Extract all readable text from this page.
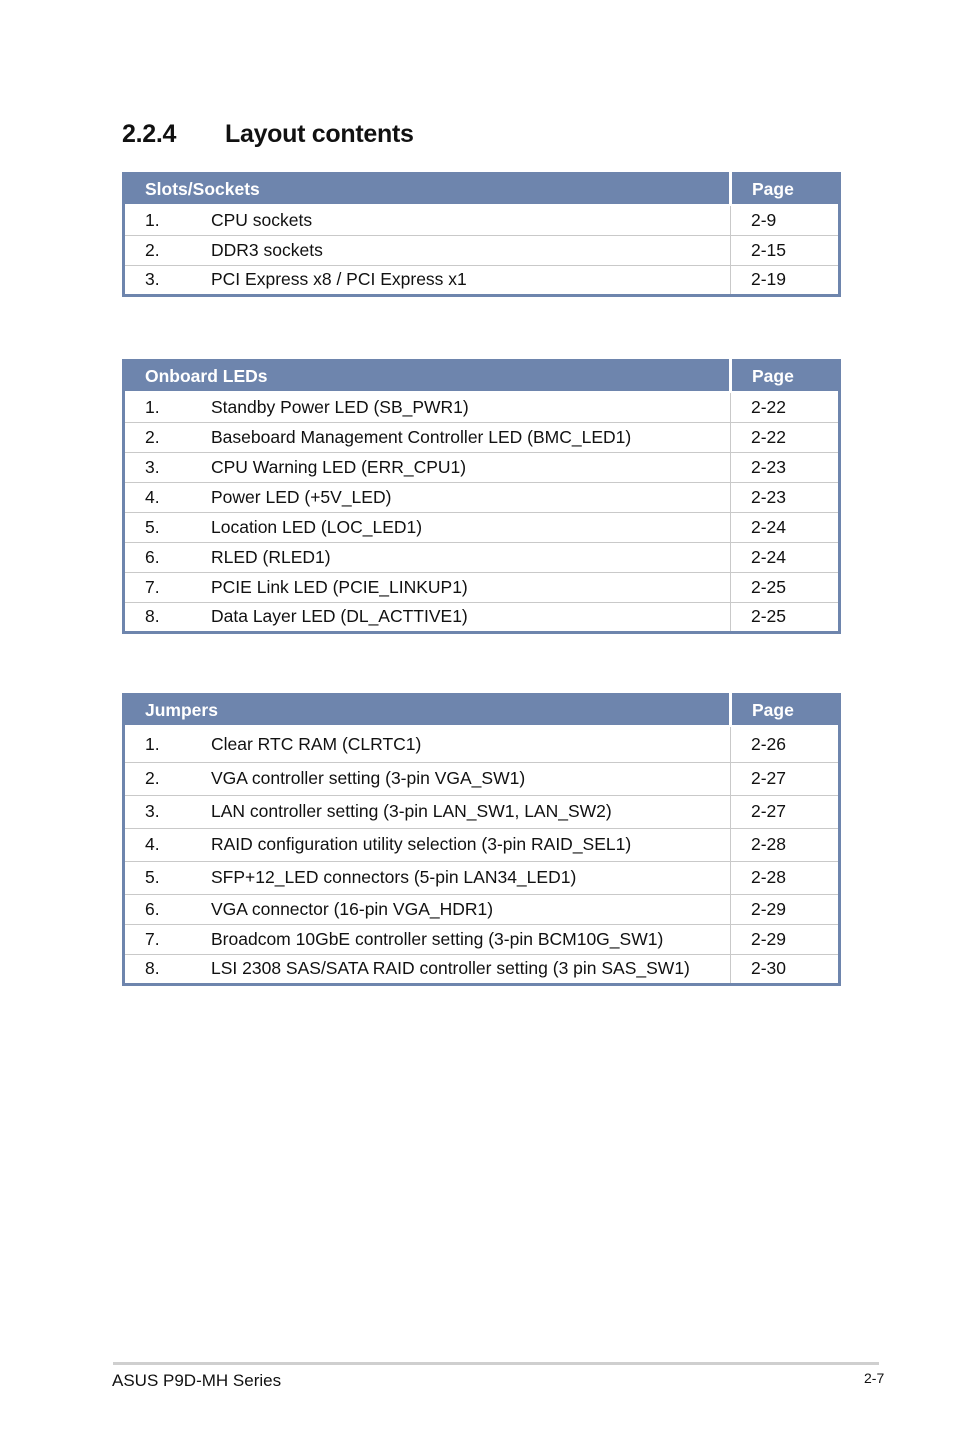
2.2.4 Layout contents
Slots/Sockets	Page
1. CPU sockets	2-9
2. DDR3 sockets	2-15
3. PCI Express x8 / PCI Express x1	2-19
Onboard LEDs	Page
1. Standby Power LED (SB_PWR1)	2-22
2. Baseboard Management Controller LED (BMC_LED1)	2-22
3. CPU Warning LED (ERR_CPU1)	2-23
4. Power LED (+5V_LED)	2-23
5. Location LED (LOC_LED1)	2-24
6. RLED (RLED1)	2-24
7. PCIE Link LED (PCIE_LINKUP1)	2-25
8. Data Layer LED (DL_ACTTIVE1)	2-25
Jumpers	Page
1. Clear RTC RAM (CLRTC1)	2-26
2. VGA controller setting (3-pin VGA_SW1)	2-27
3. LAN controller setting (3-pin LAN_SW1, LAN_SW2)	2-27
4. RAID configuration utility selection (3-pin RAID_SEL1)	2-28
5. SFP+12_LED connectors (5-pin LAN34_LED1)	2-28
6. VGA connector (16-pin VGA_HDR1)	2-29
7. Broadcom 10GbE controller setting (3-pin BCM10G_SW1)	2-29
8. LSI 2308 SAS/SATA RAID controller setting (3 pin SAS_SW1)	2-30
ASUS P9D-MH Series	2-7
